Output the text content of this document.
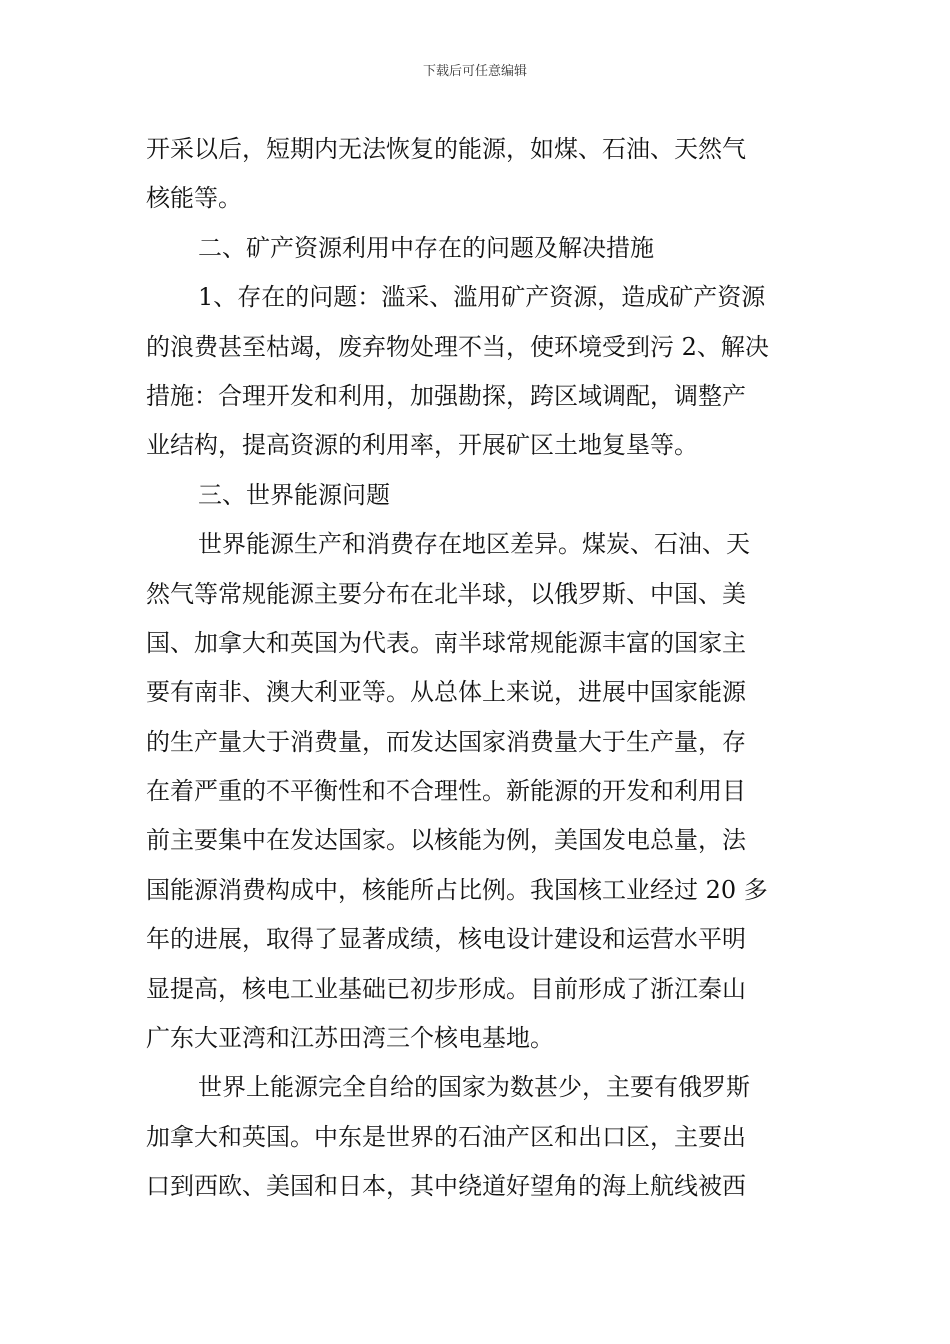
下载后可任意编辑
开采以后，短期内无法恢复的能源，如煤、石油、天然气
核能等。
二、矿产资源利用中存在的问题及解决措施
1、存在的问题：滥采、滥用矿产资源，造成矿产资源
的浪费甚至枯竭，废弃物处理不当，使环境受到污 2、解决
措施：合理开发和利用，加强勘探，跨区域调配，调整产
业结构，提高资源的利用率，开展矿区土地复垦等。
三、世界能源问题
世界能源生产和消费存在地区差异。煤炭、石油、天
然气等常规能源主要分布在北半球，以俄罗斯、中国、美
国、加拿大和英国为代表。南半球常规能源丰富的国家主
要有南非、澳大利亚等。从总体上来说，进展中国家能源
的生产量大于消费量，而发达国家消费量大于生产量，存
在着严重的不平衡性和不合理性。新能源的开发和利用目
前主要集中在发达国家。以核能为例，美国发电总量，法
国能源消费构成中，核能所占比例。我国核工业经过 20 多
年的进展，取得了显著成绩，核电设计建设和运营水平明
显提高，核电工业基础已初步形成。目前形成了浙江秦山
广东大亚湾和江苏田湾三个核电基地。
世界上能源完全自给的国家为数甚少，主要有俄罗斯
加拿大和英国。中东是世界的石油产区和出口区，主要出
口到西欧、美国和日本，其中绕道好望角的海上航线被西
